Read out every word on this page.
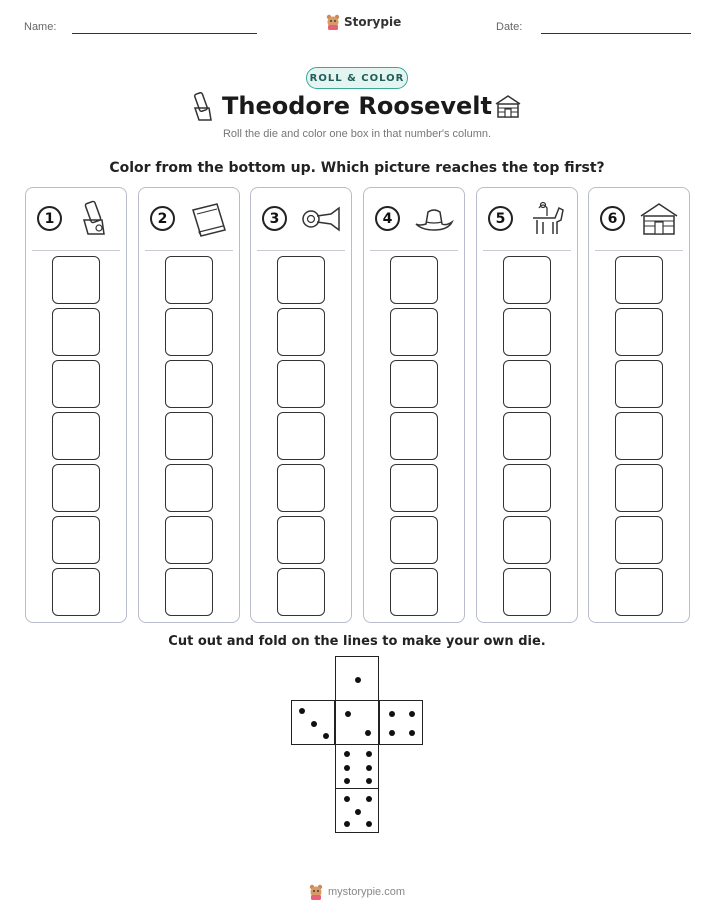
Name:	Storypie	Date:
ROLL & COLOR
Theodore Roosevelt
Roll the die and color one box in that number's column.
Color from the bottom up. Which picture reaches the top first?
1	2	3	4	5	6
Cut out and fold on the lines to make your own die.
mystorypie.com
